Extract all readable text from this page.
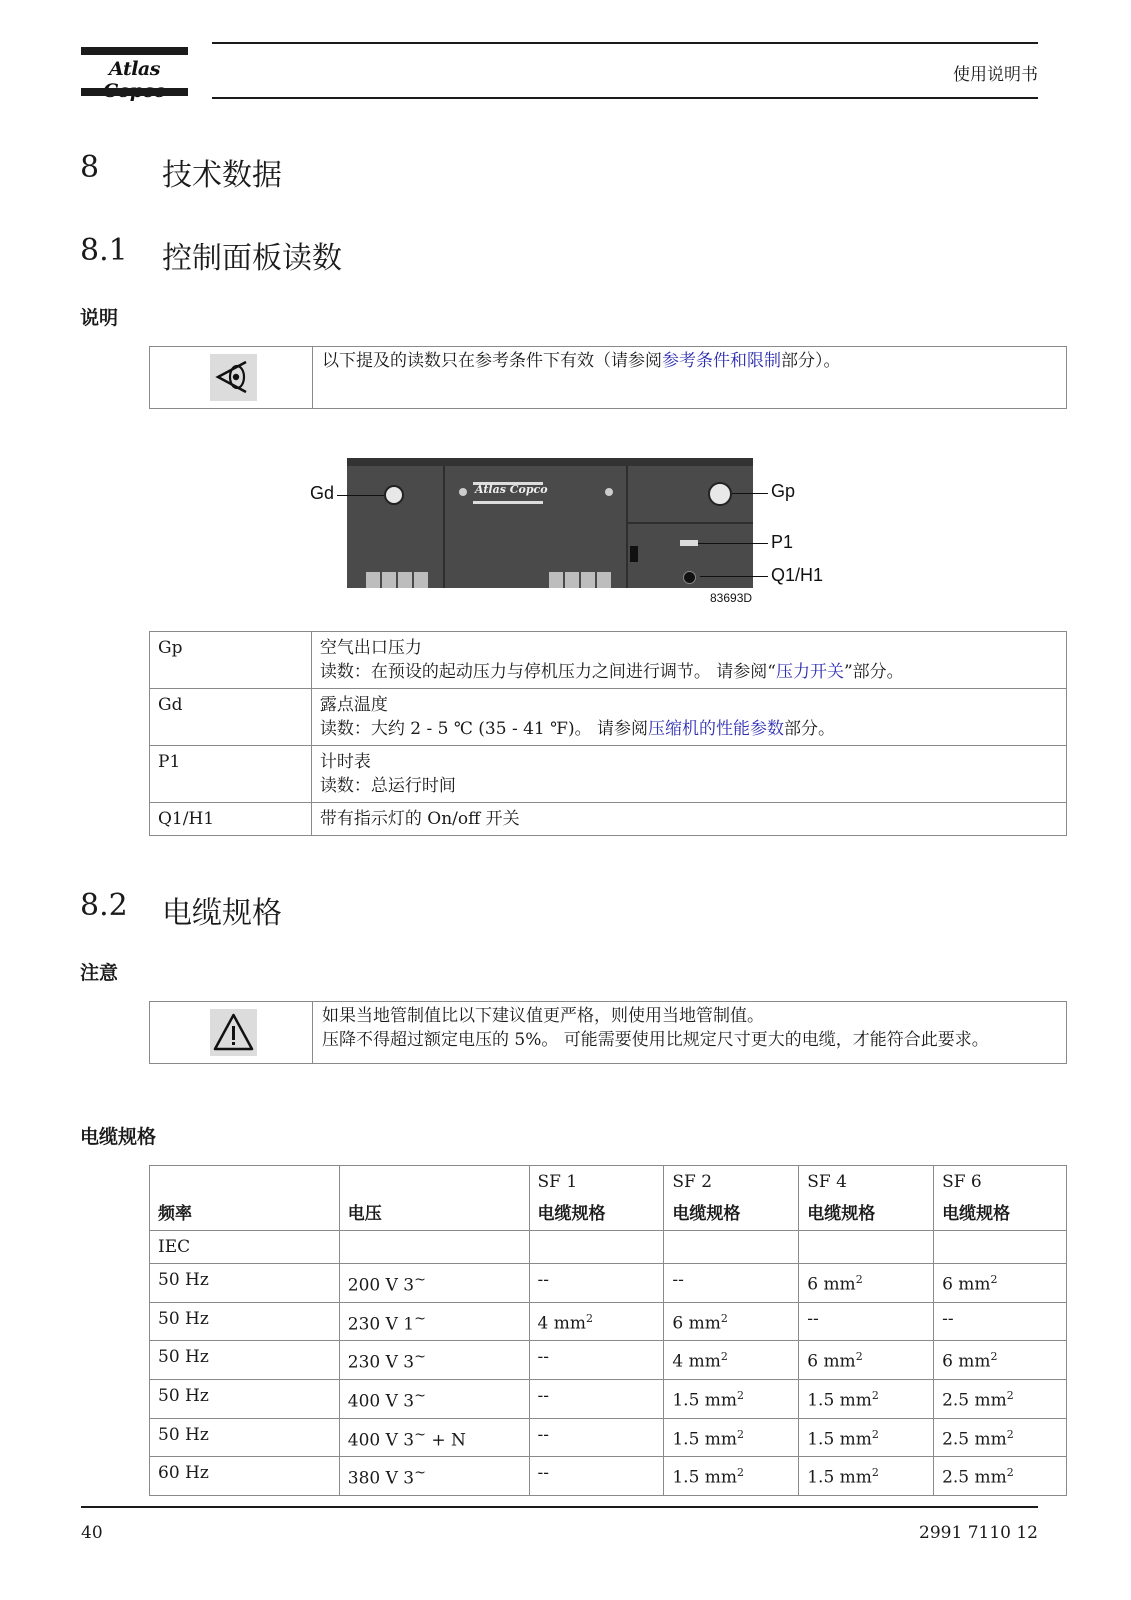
Atlas	使用说明书
8 技术数据
8.1 控制面板读数
说明
以下提及的读数只在参考条件下有效（请参阅参考条件和限制部分）。
Atlas Copco
Gd	Gp
P1
Q1/H1
83693D
Gp	空气出口压力
读数：在预设的起动压力与停机压力之间进行调节。 请参阅“压力开关”部分。

Gd	露点温度
读数：大约 2 - 5 ℃ (35 - 41 ℉)。 请参阅压缩机的性能参数部分。

P1	计时表
读数：总运行时间

Q1/H1	带有指示灯的 On/off 开关
8.2 电缆规格
注意
如果当地管制值比以下建议值更严格，则使用当地管制值。
压降不得超过额定电压的 5%。 可能需要使用比规定尺寸更大的电缆，才能符合此要求。
电缆规格
		SF 1	SF 2	SF 4	SF 6
频率	电压	电缆规格	电缆规格	电缆规格	电缆规格
IEC					
50 Hz	200 V 3~	--	--	6 $mm^2$	6 $mm^2$
50 Hz	230 V 1~	4 $mm^2$	6 $mm^2$	--	--
50 Hz	230 V 3~	--	4 $mm^2$	6 $mm^2$	6 $mm^2$
50 Hz	400 V 3~	--	1.5 $mm^2$	1.5 $mm^2$	2.5 $mm^2$
50 Hz	400 V 3~ + N	--	1.5 $mm^2$	1.5 $mm^2$	2.5 $mm^2$
60 Hz	380 V 3~	--	1.5 $mm^2$	1.5 $mm^2$	2.5 $mm^2$
40	2991 7110 12
